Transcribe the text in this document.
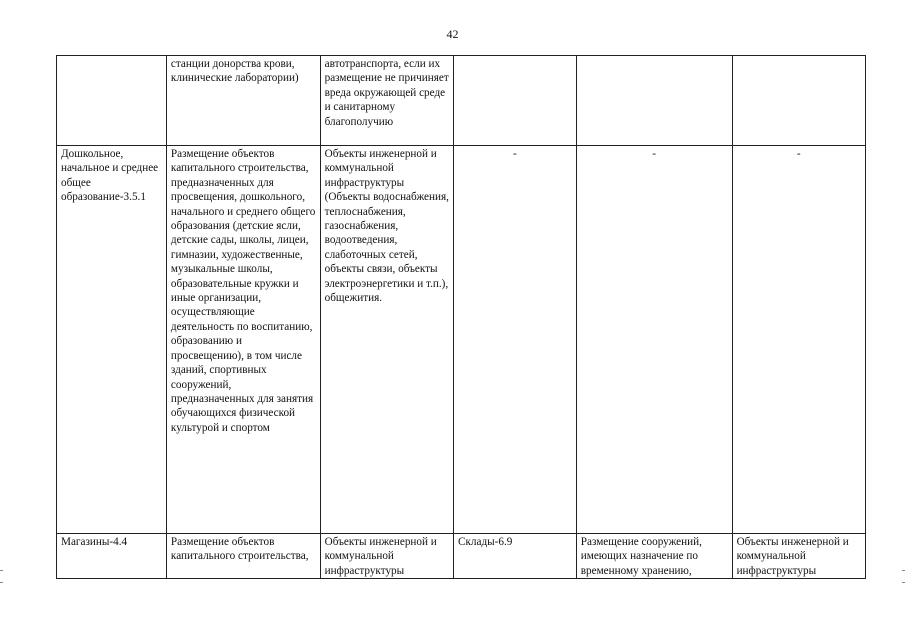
42
	станции донорства крови, клинические лаборатории)	автотранспорта, если их размещение не причиняет вреда окружающей среде и санитарному благополучию			
Дошкольное, начальное и среднее общее образование-3.5.1	Размещение объектов капитального строительства, предназначенных для просвещения, дошкольного, начального и среднего общего образования (детские ясли, детские сады, школы, лицеи, гимназии, художественные, музыкальные школы, образовательные кружки и иные организации, осуществляющие деятельность по воспитанию, образованию и просвещению), в том числе зданий, спортивных сооружений, предназначенных для занятия обучающихся физической культурой и спортом	Объекты инженерной и коммунальной инфраструктуры (Объекты водоснабжения, теплоснабжения, газоснабжения, водоотведения, слаботочных сетей, объекты связи, объекты электроэнергетики и т.п.), общежития.	-	-	-
Магазины-4.4	Размещение объектов капитального строительства,	Объекты инженерной и коммунальной инфраструктуры	Склады-6.9	Размещение сооружений, имеющих назначение по временному хранению,	Объекты инженерной и коммунальной инфраструктуры
